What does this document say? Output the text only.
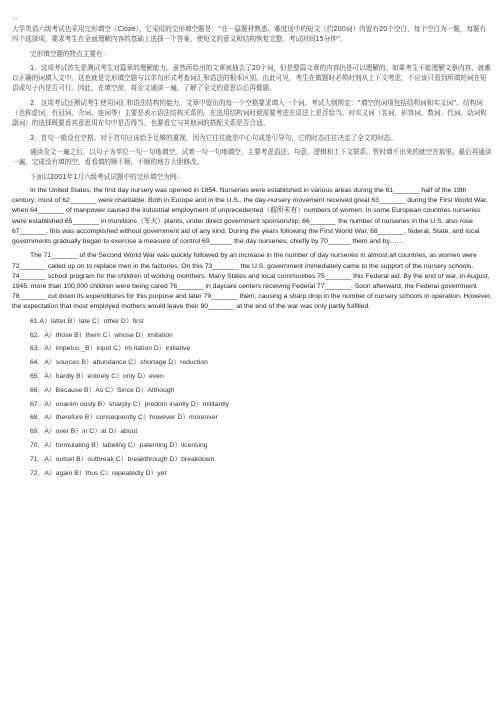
▫

大学英语六级考试也采用完形填空（Cloze），它采用的完形填空题是：“在一篇题材熟悉、难度适中的短文（约200词）内留有20个空白，每个空白为一题，每题有四个选择项，要求考生在全面理解内容的基础上选择一个答案，使短文的意义和结构恢复完整。考试时间15分钟”。

完形填空题的特点主要有：

1．这项考试首先是测试考生对篇章的理解能力。虽然所给出的文章被抽去了20个词，但是整篇文章的内容仍是可以理解的。如果考生不能理解文章内容，就难以正确的词填入文中。这也就是完形填空题与以单句形式考查词汇和语法的根本区别。由此可见，考生在做题时必须时刻从上下文考虑，不应该只看到所填的词在短语或句子内是否可行。因此，在填空前，将全文通读一遍，了解了全文的意思以后再做题。

2．这项考试还测试考生使用词汇和语法结构的能力。文章中留出的每一个空格要求填入一个词。考试大纲规定：“填空的词项包括结构词和实义词”。结构词（也称虚词，有冠词、介词、连词等）主要是表示语法结构关系的。在选用结构词时便需要考虑在语法上是否恰当。对实义词（名词、形容词、数词、代词、动词和副词）的选择既要看其意思用在句中是否得当，也要看它与其他词的搭配关系是否合适。

3．首句一般没有空格。对于首句应该给予足够的重视，因为它往往就是中心句或是引导句，它的时态往往决定了全文的时态。

通读全文一遍之后，以句子为单位一句一句地填空，试着一句一句地填空，主要考虑语法、句意、逻辑和上下文联系。暂时填不出来的就空在那里。最后再通读一遍，完成没有填的空，看看填的顺不顺，不顺的地方大胆修改。

下面以2001年1月六级考试试题中的完形填空为例:

In the United States, the first day nursery was opened in 1854. Nurseries were established in various areas during the 61_______ half of the 19th century; most of 62_______ were charitable. Both in Europe and in the U.S., the day-nursery movement received great 63_______ during the First World War, when 64_______ of manpower caused the industrial employment of unprecedented（前所未有）numbers of women. In some European countries nurseries were established 65_______ in munitions（军火）plants, under direct government sponsorship. 66_______ the number of nurseries in the U.S. also rose 67_______, this was accomplished without government aid of any kind. During the years following the First World War, 68_______, federal, State, and local governments gradually began to exercise a measure of control 69______ the day nurseries, chiefly by 70______ them and by……

The 71_______ of the Second World War was quickly followed by an increase in the number of day nurseries in almost all countries, as women were 72_______ called up on to replace men in the factories. On this 73_______ the U.S. government immediately came to the support of the nursery schools. 74_______ school program for the children of working monthers. Many States and local communities 75_______ this Federal aid. By the end of war, in August, 1945. more than 100,000 children were being cared 76_______ in daycare centers receiving Federal 77_______. Soon afterward, the Federal government 78_______ cut down its expenditures for this purpose and later 79_______ them, causing a sharp drop in the number of nursery schools in operation. However, the expectation that most employed mothers would leave their 80_______ at the end of the war was only partly fulfilled.

61.A）latter B）late C）other D）first

62．A）those B）them C）whose D）imitation

63．A）impetus _B）input C）im itation D）initiative

64．A）sources B）abundance C）shortage D）reduction

65．A）hardly B）entirely C）only D）even

66．A）Because B）As C）Since D）Although

67．A）unanim ously B）sharply C）predom inantly D）militantly

68．A）therefore B）consequently C）however D）moreover

69．A）over B）in C）at D）about

70．A）formulating B）labeling C）patenting D）licensing

71．A）outset B）outbreak C）breakthrough D）breakdown

72．A）again B）thus C）repeatedly D）yet
